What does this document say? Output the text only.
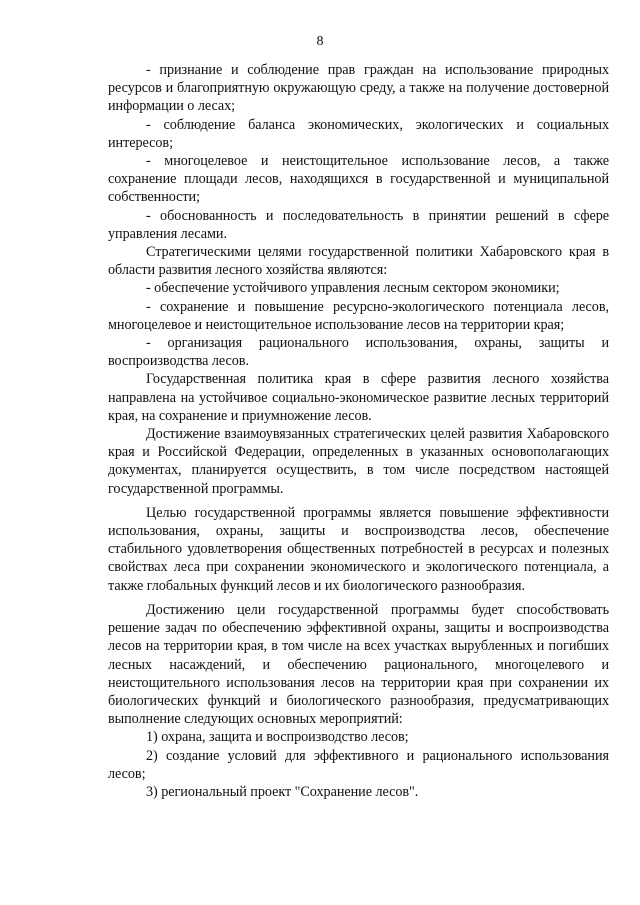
8

- признание и соблюдение прав граждан на использование природных ресурсов и благоприятную окружающую среду, а также на получение достоверной информации о лесах;

- соблюдение баланса экономических, экологических и социальных интересов;

- многоцелевое и неистощительное использование лесов, а также сохранение площади лесов, находящихся в государственной и муниципальной собственности;

- обоснованность и последовательность в принятии решений в сфере управления лесами.

Стратегическими целями государственной политики Хабаровского края в области развития лесного хозяйства являются:

- обеспечение устойчивого управления лесным сектором экономики;

- сохранение и повышение ресурсно-экологического потенциала лесов, многоцелевое и неистощительное использование лесов на территории края;

- организация рационального использования, охраны, защиты и воспроизводства лесов.

Государственная политика края в сфере развития лесного хозяйства направлена на устойчивое социально-экономическое развитие лесных территорий края, на сохранение и приумножение лесов.

Достижение взаимоувязанных стратегических целей развития Хабаровского края и Российской Федерации, определенных в указанных основополагающих документах, планируется осуществить, в том числе посредством настоящей государственной программы.

Целью государственной программы является повышение эффективности использования, охраны, защиты и воспроизводства лесов, обеспечение стабильного удовлетворения общественных потребностей в ресурсах и полезных свойствах леса при сохранении экономического и экологического потенциала, а также глобальных функций лесов и их биологического разнообразия.

Достижению цели государственной программы будет способствовать решение задач по обеспечению эффективной охраны, защиты и воспроизводства лесов на территории края, в том числе на всех участках вырубленных и погибших лесных насаждений, и обеспечению рационального, многоцелевого и неистощительного использования лесов на территории края при сохранении их биологических функций и биологического разнообразия, предусматривающих выполнение следующих основных мероприятий:

1) охрана, защита и воспроизводство лесов;

2) создание условий для эффективного и рационального использования лесов;

3) региональный проект "Сохранение лесов".
